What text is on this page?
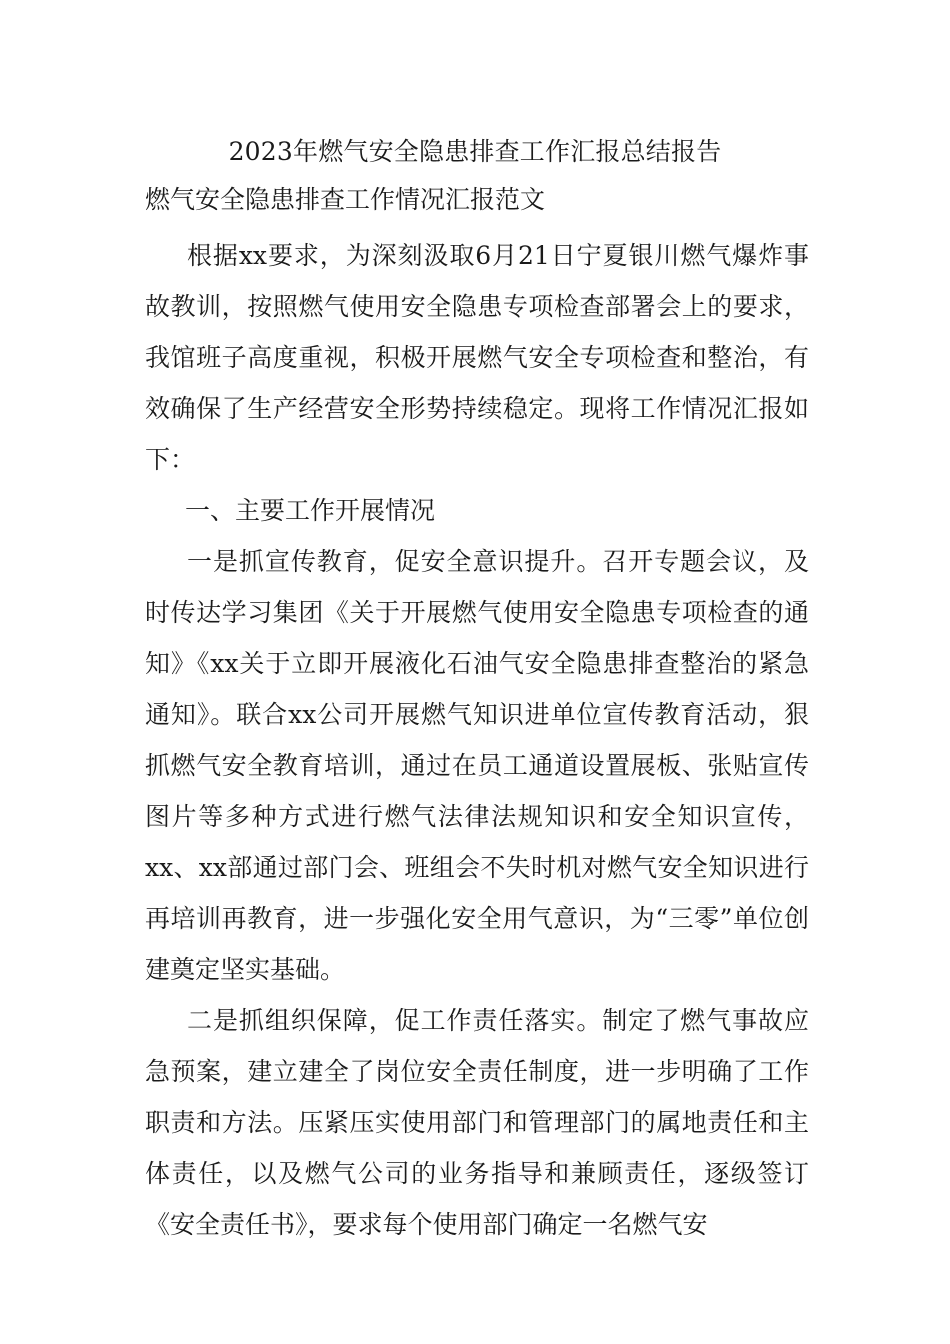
2023年燃气安全隐患排查工作汇报总结报告
燃气安全隐患排查工作情况汇报范文

根据xx要求，为深刻汲取6月21日宁夏银川燃气爆炸事故教训，按照燃气使用安全隐患专项检查部署会上的要求，我馆班子高度重视，积极开展燃气安全专项检查和整治，有效确保了生产经营安全形势持续稳定。现将工作情况汇报如下：

一、主要工作开展情况

一是抓宣传教育，促安全意识提升。召开专题会议，及时传达学习集团《关于开展燃气使用安全隐患专项检查的通知》《xx关于立即开展液化石油气安全隐患排查整治的紧急通知》。联合xx公司开展燃气知识进单位宣传教育活动，狠抓燃气安全教育培训，通过在员工通道设置展板、张贴宣传图片等多种方式进行燃气法律法规知识和安全知识宣传，xx、xx部通过部门会、班组会不失时机对燃气安全知识进行再培训再教育，进一步强化安全用气意识，为“三零”单位创建奠定坚实基础。

二是抓组织保障，促工作责任落实。制定了燃气事故应急预案，建立建全了岗位安全责任制度，进一步明确了工作职责和方法。压紧压实使用部门和管理部门的属地责任和主体责任，以及燃气公司的业务指导和兼顾责任，逐级签订《安全责任书》，要求每个使用部门确定一名燃气安
